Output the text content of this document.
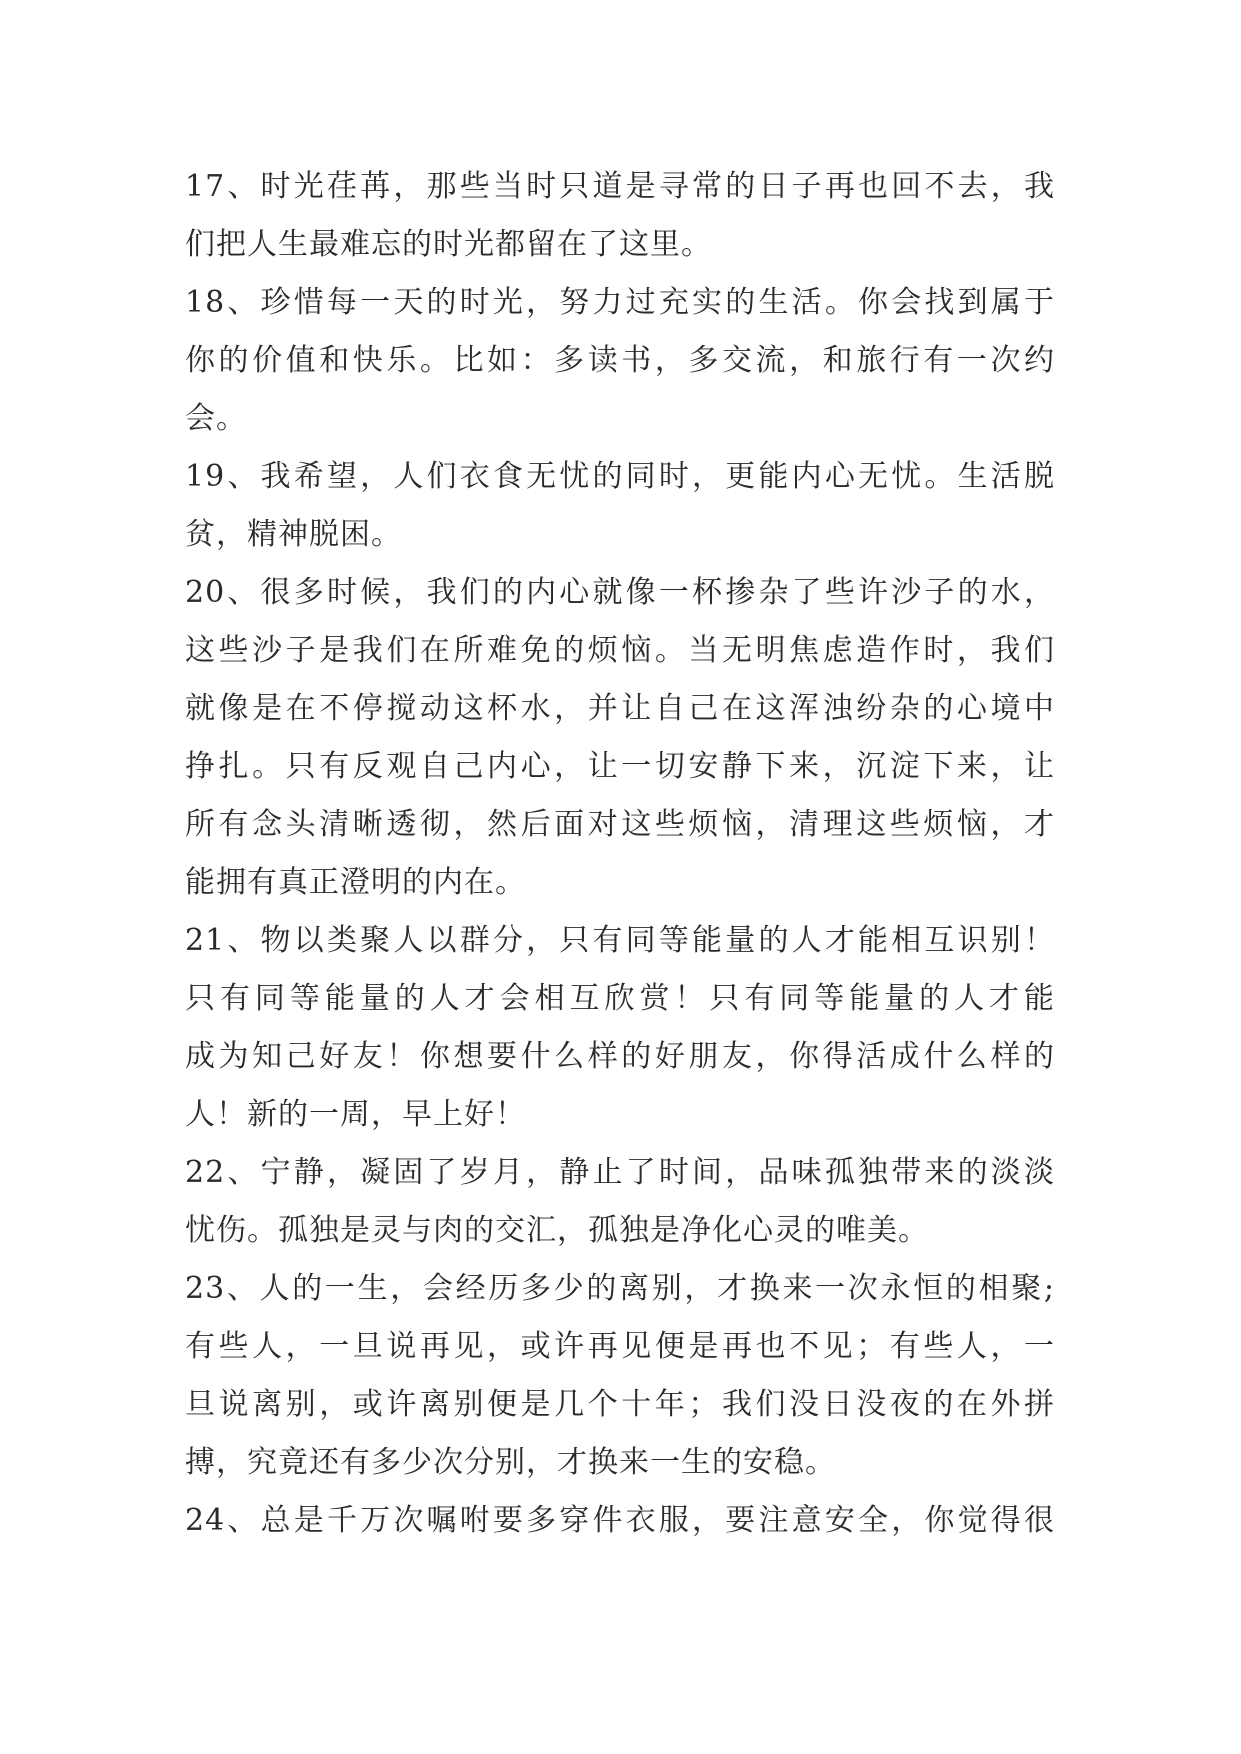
17、时光荏苒，那些当时只道是寻常的日子再也回不去，我
们把人生最难忘的时光都留在了这里。
18、珍惜每一天的时光，努力过充实的生活。你会找到属于
你的价值和快乐。比如：多读书，多交流，和旅行有一次约
会。
19、我希望，人们衣食无忧的同时，更能内心无忧。生活脱
贫，精神脱困。
20、很多时候，我们的内心就像一杯掺杂了些许沙子的水，
这些沙子是我们在所难免的烦恼。当无明焦虑造作时，我们
就像是在不停搅动这杯水，并让自己在这浑浊纷杂的心境中
挣扎。只有反观自己内心，让一切安静下来，沉淀下来，让
所有念头清晰透彻，然后面对这些烦恼，清理这些烦恼，才
能拥有真正澄明的内在。
21、物以类聚人以群分，只有同等能量的人才能相互识别！
只有同等能量的人才会相互欣赏！只有同等能量的人才能
成为知己好友！你想要什么样的好朋友，你得活成什么样的
人！新的一周，早上好！
22、宁静，凝固了岁月，静止了时间，品味孤独带来的淡淡
忧伤。孤独是灵与肉的交汇，孤独是净化心灵的唯美。
23、人的一生，会经历多少的离别，才换来一次永恒的相聚;
有些人，一旦说再见，或许再见便是再也不见；有些人，一
旦说离别，或许离别便是几个十年；我们没日没夜的在外拼
搏，究竟还有多少次分别，才换来一生的安稳。
24、总是千万次嘱咐要多穿件衣服，要注意安全，你觉得很
